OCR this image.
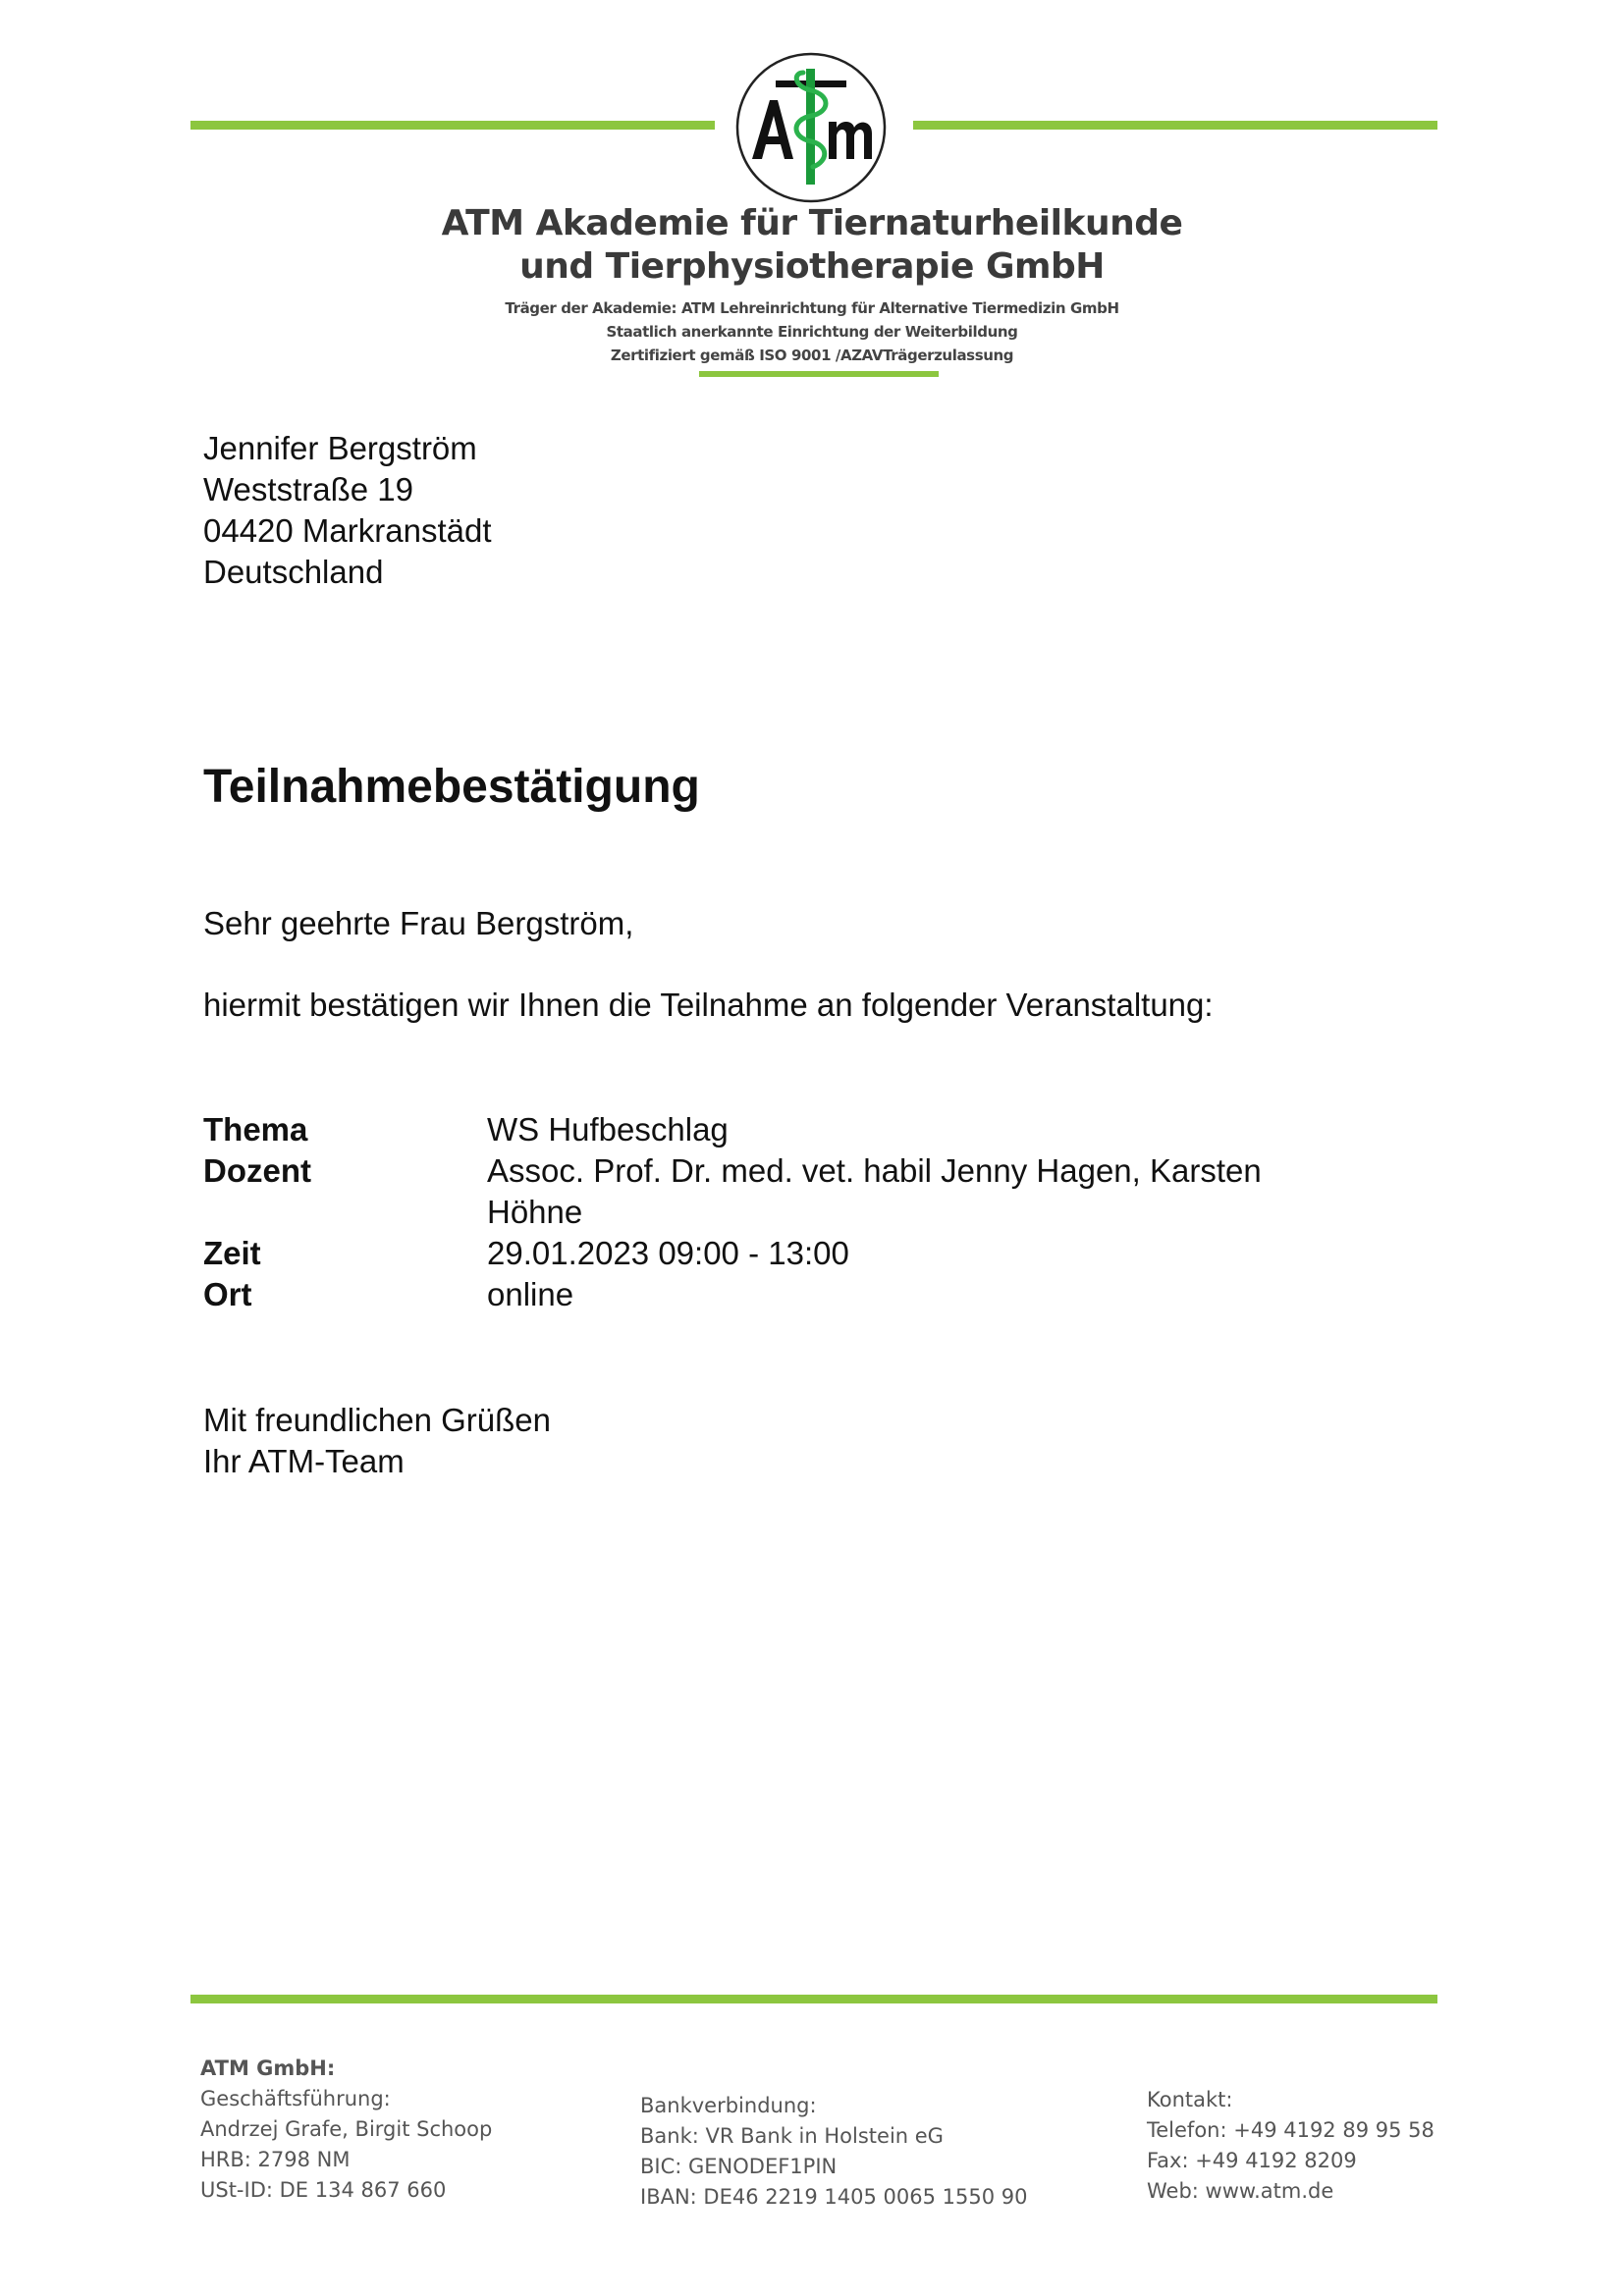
ATM Akademie für Tiernaturheilkunde
und Tierphysiotherapie GmbH
Träger der Akademie: ATM Lehreinrichtung für Alternative Tiermedizin GmbH
Staatlich anerkannte Einrichtung der Weiterbildung
Zertifiziert gemäß ISO 9001 /AZAVTrägerzulassung
Jennifer Bergström
Weststraße 19
04420 Markranstädt
Deutschland
Teilnahmebestätigung
Sehr geehrte Frau Bergström,
hiermit bestätigen wir Ihnen die Teilnahme an folgender Veranstaltung:
Thema	WS Hufbeschlag
Dozent	Assoc. Prof. Dr. med. vet. habil Jenny Hagen, Karsten Höhne
Zeit	29.01.2023 09:00 - 13:00
Ort	online
Mit freundlichen Grüßen
Ihr ATM-Team
ATM GmbH:
Geschäftsführung:
Andrzej Grafe, Birgit Schoop
HRB: 2798 NM
USt-ID: DE 134 867 660
Bankverbindung:
Bank: VR Bank in Holstein eG
BIC: GENODEF1PIN
IBAN: DE46 2219 1405 0065 1550 90
Kontakt:
Telefon: +49 4192 89 95 58
Fax: +49 4192 8209
Web: www.atm.de
